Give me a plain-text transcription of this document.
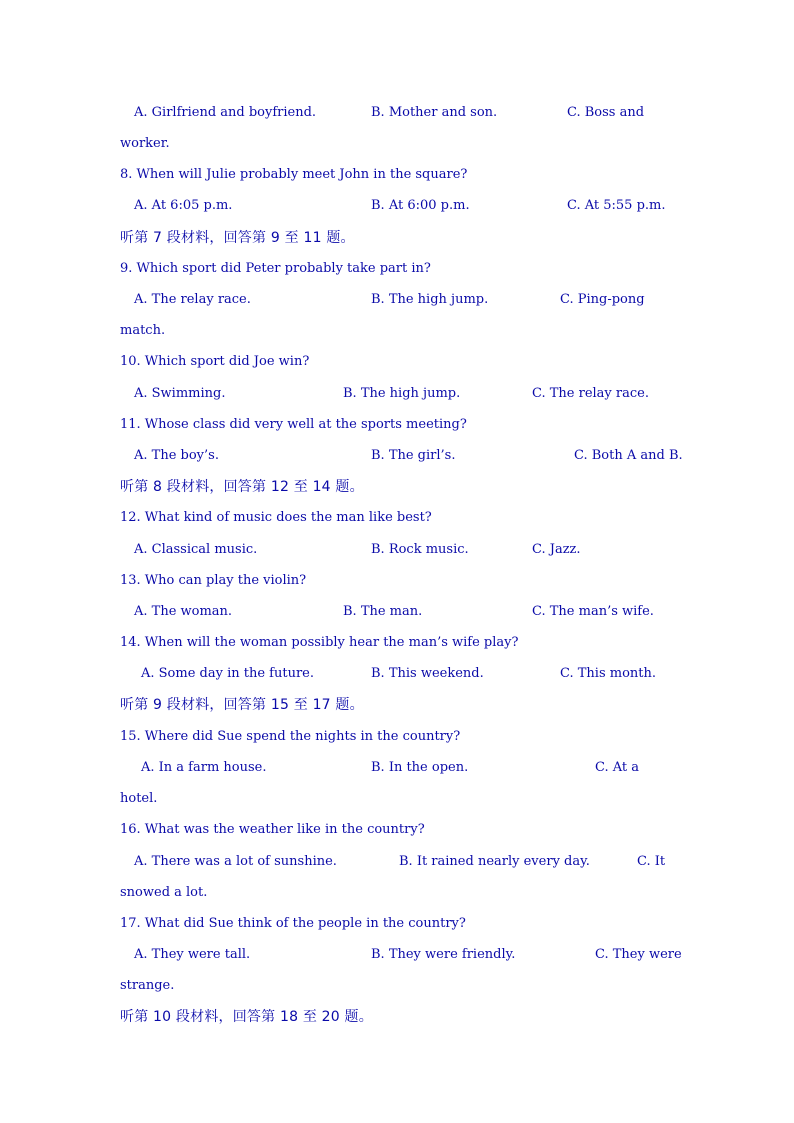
A. Girlfriend and boyfriend.	B. Mother and son.	C. Boss and
worker.
8. When will Julie probably meet John in the square?
A. At 6:05 p.m.	B. At 6:00 p.m.	C. At 5:55 p.m.
听第 7 段材料，回答第 9 至 11 题。
9. Which sport did Peter probably take part in?
A. The relay race.	B. The high jump.	C. Ping-pong
match.
10. Which sport did Joe win?
A. Swimming.	B. The high jump.	C. The relay race.
11. Whose class did very well at the sports meeting?
A. The boy’s.	B. The girl’s.	C. Both A and B.
听第 8 段材料，回答第 12 至 14 题。
12. What kind of music does the man like best?
A. Classical music.	B. Rock music.	C. Jazz.
13. Who can play the violin?
A. The woman.	B. The man.	C. The man’s wife.
14. When will the woman possibly hear the man’s wife play?
A. Some day in the future.	B. This weekend.	C. This month.
听第 9 段材料，回答第 15 至 17 题。
15. Where did Sue spend the nights in the country?
A. In a farm house.	B. In the open.	C. At a
hotel.
16. What was the weather like in the country?
A. There was a lot of sunshine.	B. It rained nearly every day.	C. It
snowed a lot.
17. What did Sue think of the people in the country?
A. They were tall.	B. They were friendly.	C. They were
strange.
听第 10 段材料，回答第 18 至 20 题。
